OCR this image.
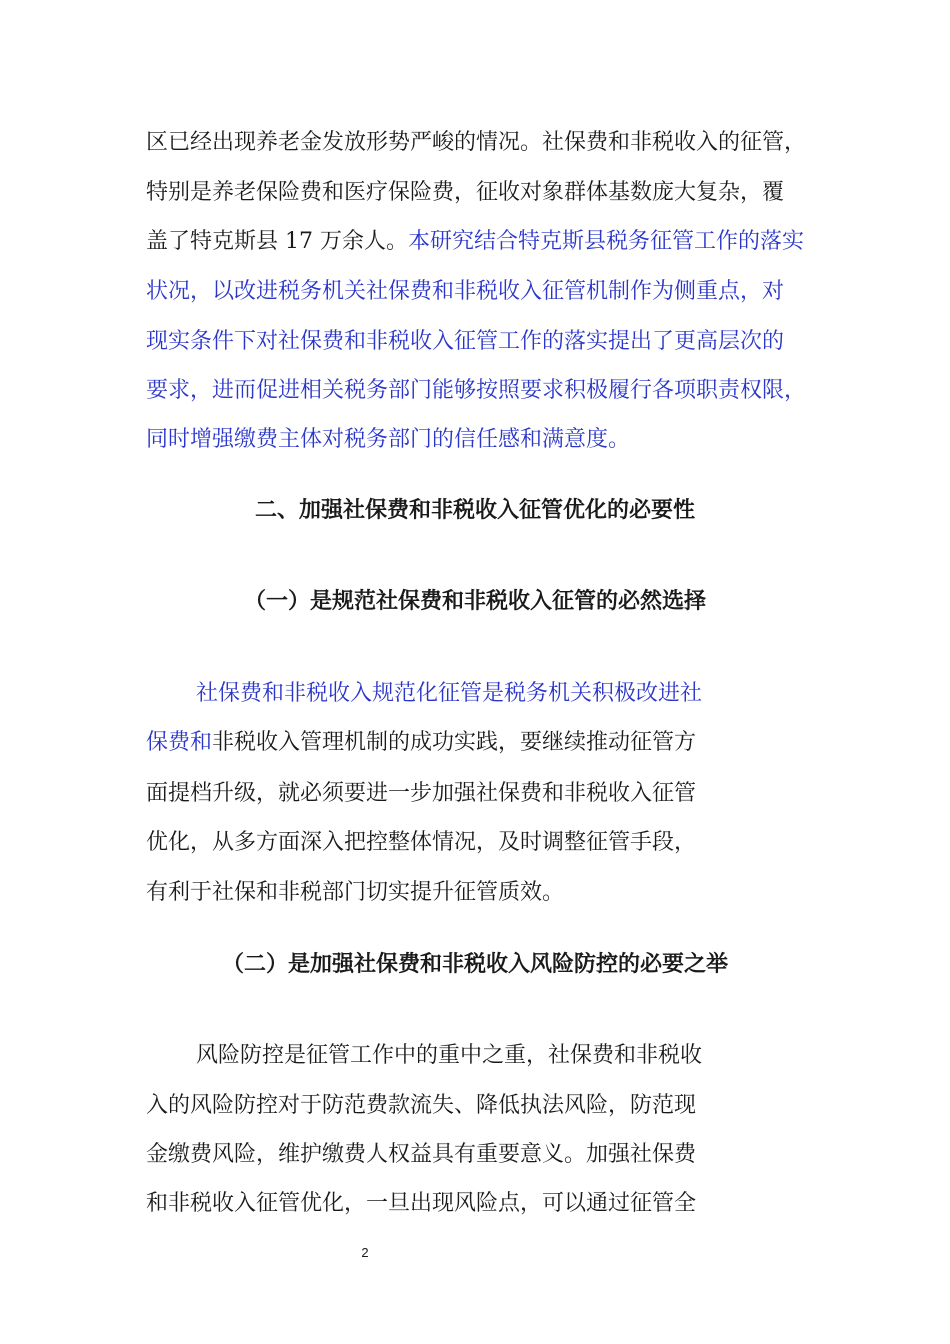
区已经出现养老金发放形势严峻的情况。社保费和非税收入的征管，
特别是养老保险费和医疗保险费，征收对象群体基数庞大复杂，覆
盖了特克斯县 17 万余人。本研究结合特克斯县税务征管工作的落实
状况，以改进税务机关社保费和非税收入征管机制作为侧重点，对
现实条件下对社保费和非税收入征管工作的落实提出了更高层次的
要求，进而促进相关税务部门能够按照要求积极履行各项职责权限，
同时增强缴费主体对税务部门的信任感和满意度。
二、加强社保费和非税收入征管优化的必要性
（一）是规范社保费和非税收入征管的必然选择
社保费和非税收入规范化征管是税务机关积极改进社
保费和非税收入管理机制的成功实践，要继续推动征管方
面提档升级，就必须要进一步加强社保费和非税收入征管
优化，从多方面深入把控整体情况，及时调整征管手段，
有利于社保和非税部门切实提升征管质效。
（二）是加强社保费和非税收入风险防控的必要之举
风险防控是征管工作中的重中之重，社保费和非税收
入的风险防控对于防范费款流失、降低执法风险，防范现
金缴费风险，维护缴费人权益具有重要意义。加强社保费
和非税收入征管优化，一旦出现风险点，可以通过征管全
2
